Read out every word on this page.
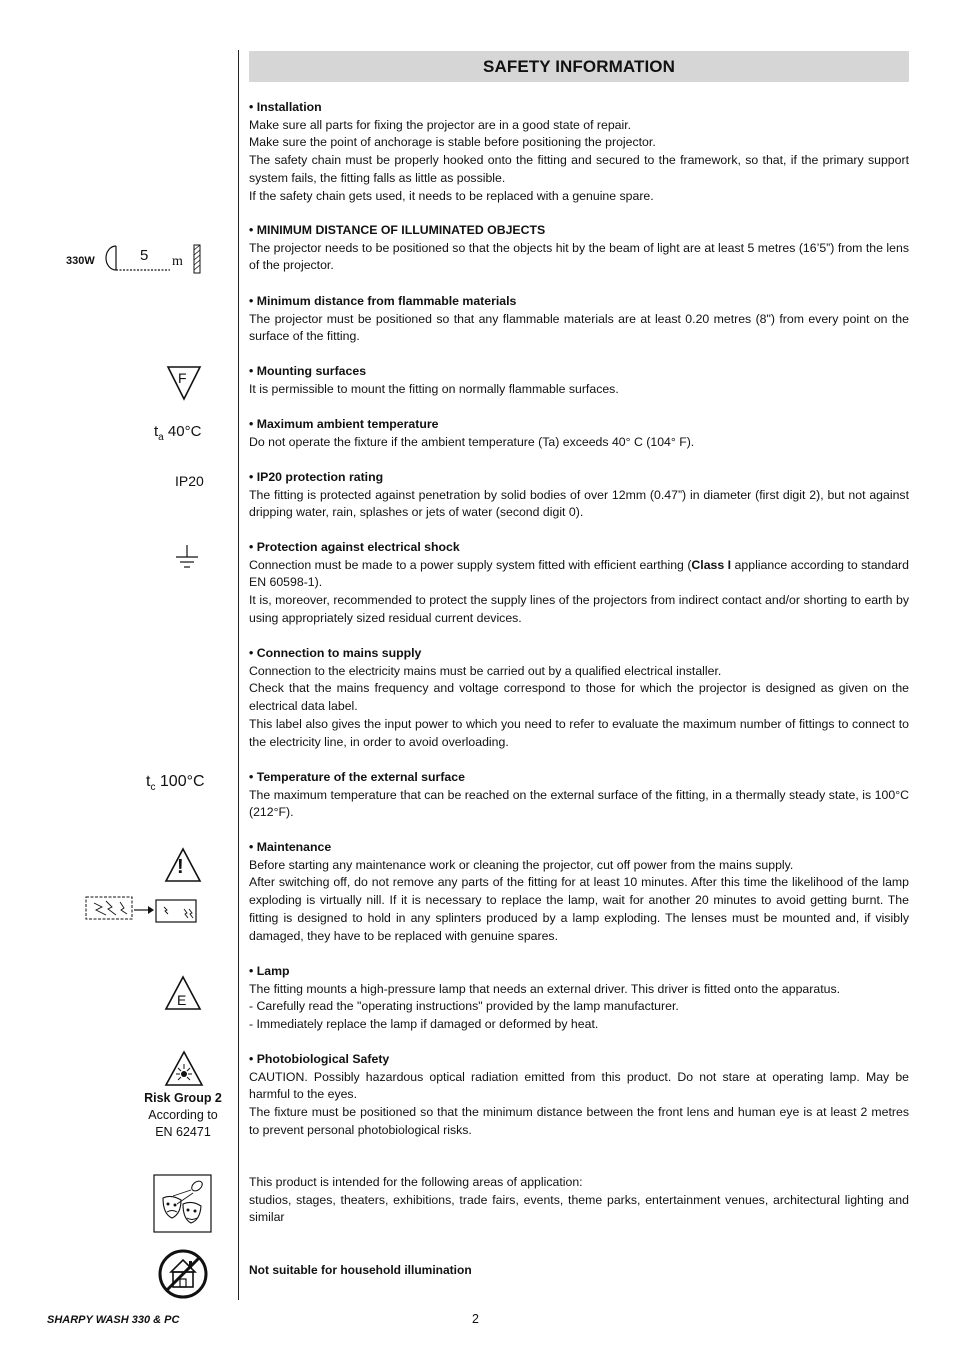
SAFETY INFORMATION
• Installation

Make sure all parts for fixing the projector are in a good state of repair.

Make sure the point of anchorage is stable before positioning the projector.

The safety chain must be properly hooked onto the fitting and secured to the framework, so that, if the primary support system fails, the fitting falls as little as possible.

If the safety chain gets used, it needs to be replaced with a genuine spare.

• MINIMUM DISTANCE OF ILLUMINATED OBJECTS

The projector needs to be positioned so that the objects hit by the beam of light are at least 5 metres (16’5”) from the lens of the projector.

• Minimum distance from flammable materials

The projector must be positioned so that any flammable materials are at least 0.20 metres (8") from every point on the surface of the fitting.

• Mounting surfaces

It is permissible to mount the fitting on normally flammable surfaces.

• Maximum ambient temperature

Do not operate the fixture if the ambient temperature (Ta) exceeds 40° C (104° F).

• IP20 protection rating

The fitting is protected against penetration by solid bodies of over 12mm (0.47”) in diameter (first digit 2), but not against dripping water, rain, splashes or jets of water (second digit 0).

• Protection against electrical shock

Connection must be made to a power supply system fitted with efficient earthing (Class I appliance according to standard EN 60598-1).

It is, moreover, recommended to protect the supply lines of the projectors from indirect contact and/or shorting to earth by using appropriately sized residual current devices.

• Connection to mains supply

Connection to the electricity mains must be carried out by a qualified electrical installer.

Check that the mains frequency and voltage correspond to those for which the projector is designed as given on the electrical data label.

This label also gives the input power to which you need to refer to evaluate the maximum number of fittings to connect to the electricity line, in order to avoid overloading.

• Temperature of the external surface

The maximum temperature that can be reached on the external surface of the fitting, in a thermally steady state, is 100°C (212°F).

• Maintenance

Before starting any maintenance work or cleaning the projector, cut off power from the mains supply.

After switching off, do not remove any parts of the fitting for at least 10 minutes. After this time the likelihood of the lamp exploding is virtually nill. If it is necessary to replace the lamp, wait for another 20 minutes to avoid getting burnt. The fitting is designed to hold in any splinters produced by a lamp exploding. The lenses must be mounted and, if visibly damaged, they have to be replaced with genuine spares.

• Lamp

The fitting mounts a high-pressure lamp that needs an external driver. This driver is fitted onto the apparatus.

- Carefully read the "operating instructions" provided by the lamp manufacturer.

- Immediately replace the lamp if damaged or deformed by heat.

• Photobiological Safety

CAUTION. Possibly hazardous optical radiation emitted from this product. Do not stare at operating lamp. May be harmful to the eyes.

The fixture must be positioned so that the minimum distance between the front lens and human eye is at least 2 metres to prevent personal photobiological risks.

This product is intended for the following areas of application:

studios, stages, theaters, exhibitions, trade fairs, events, theme parks, entertainment venues, architectural lighting and similar

Not suitable for household illumination
330W	5 m
F
$t_a$ 40°C
IP20
$t_c$ 100°C
!
E
Risk Group 2
According to
EN 62471
SHARPY WASH 330 & PC	2
